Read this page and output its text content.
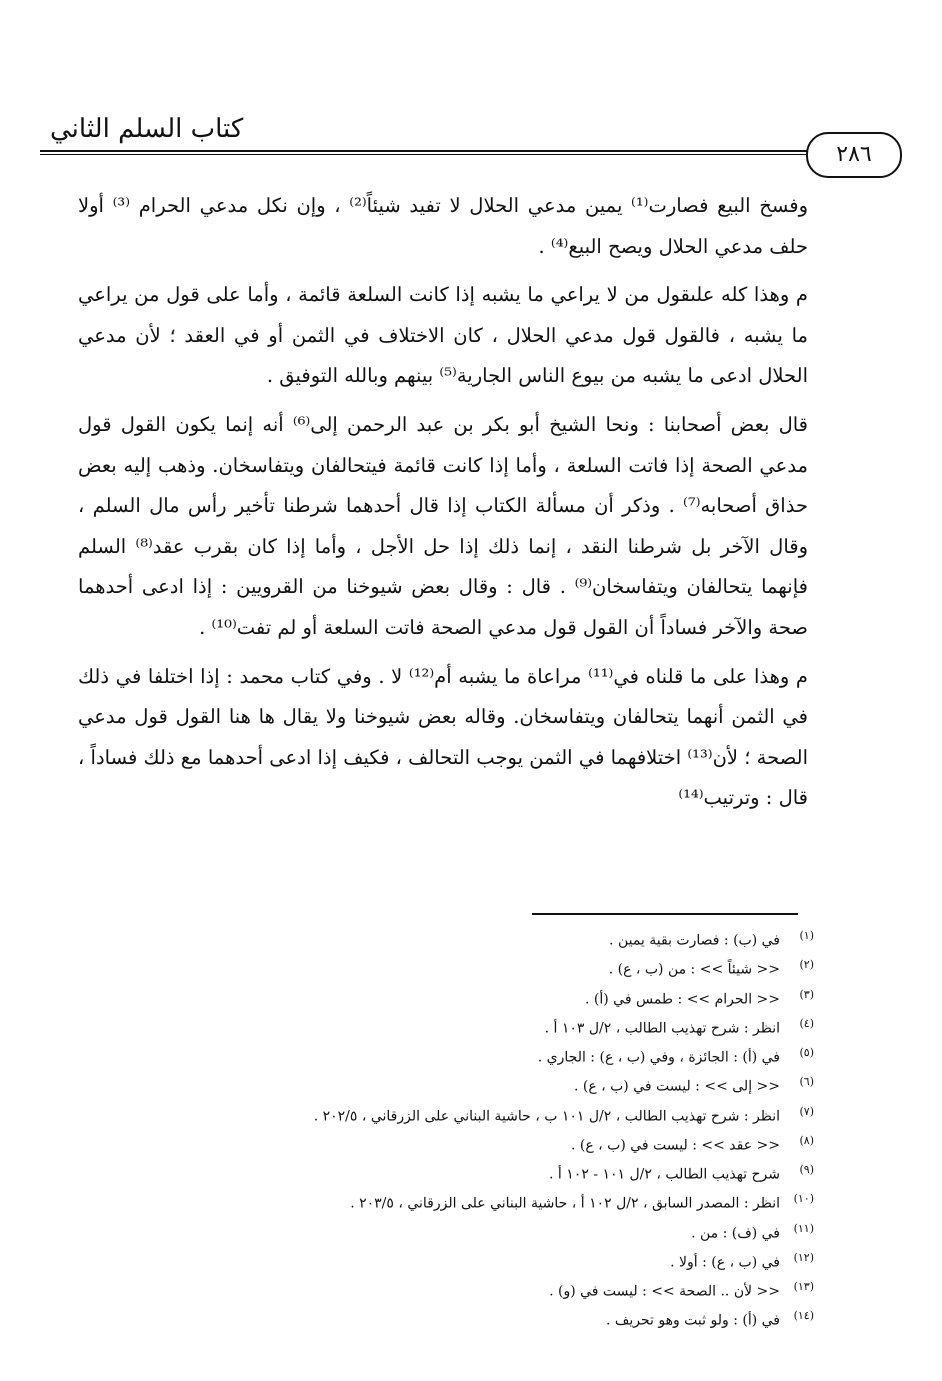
كتاب السلم الثاني
٢٨٦

وفسخ البيع فصارت⁽¹⁾ يمين مدعي الحلال لا تفيد شيئاً⁽²⁾ ، وإن نكل مدعي الحرام ⁽³⁾ أولا حلف مدعي الحلال ويصح البيع⁽⁴⁾ .

م وهذا كله علىقول من لا يراعي ما يشبه إذا كانت السلعة قائمة ، وأما على قول من يراعي ما يشبه ، فالقول قول مدعي الحلال ، كان الاختلاف في الثمن أو في العقد ؛ لأن مدعي الحلال ادعى ما يشبه من بيوع الناس الجارية⁽⁵⁾ بينهم وبالله التوفيق .

قال بعض أصحابنا : ونحا الشيخ أبو بكر بن عبد الرحمن إلى⁽⁶⁾ أنه إنما يكون القول قول مدعي الصحة إذا فاتت السلعة ، وأما إذا كانت قائمة فيتحالفان ويتفاسخان. وذهب إليه بعض حذاق أصحابه⁽⁷⁾ . وذكر أن مسألة الكتاب إذا قال أحدهما شرطنا تأخير رأس مال السلم ، وقال الآخر بل شرطنا النقد ، إنما ذلك إذا حل الأجل ، وأما إذا كان بقرب عقد⁽⁸⁾ السلم فإنهما يتحالفان ويتفاسخان⁽⁹⁾ . قال : وقال بعض شيوخنا من القرويين : إذا ادعى أحدهما صحة والآخر فساداً أن القول قول مدعي الصحة فاتت السلعة أو لم تفت⁽¹⁰⁾ .

م وهذا على ما قلناه في⁽¹¹⁾ مراعاة ما يشبه أم⁽¹²⁾ لا . وفي كتاب محمد : إذا اختلفا في ذلك في الثمن أنهما يتحالفان ويتفاسخان. وقاله بعض شيوخنا ولا يقال ها هنا القول قول مدعي الصحة ؛ لأن⁽¹³⁾ اختلافهما في الثمن يوجب التحالف ، فكيف إذا ادعى أحدهما مع ذلك فساداً ، قال : وترتيب⁽¹⁴⁾

(١)في (ب) : فصارت بقية يمين .
(٢)<< شيئاً >> : من (ب ، ع) .
(٣)<< الحرام >> : طمس في (أ) .
(٤)انظر : شرح تهذيب الطالب ، ٢/ل ١٠٣ أ .
(٥)في (أ) : الجائزة ، وفي (ب ، ع) : الجاري .
(٦)<< إلى >> : ليست في (ب ، ع) .
(٧)انظر : شرح تهذيب الطالب ، ٢/ل ١٠١ ب ، حاشية البناني على الزرقاني ، ٢٠٢/٥ .
(٨)<< عقد >> : ليست في (ب ، ع) .
(٩)شرح تهذيب الطالب ، ٢/ل ١٠١ - ١٠٢ أ .
(١٠)انظر : المصدر السابق ، ٢/ل ١٠٢ أ ، حاشية البناني على الزرقاني ، ٢٠٣/٥ .
(١١)في (ف) : من .
(١٢)في (ب ، ع) : أولا .
(١٣)<< لأن .. الصحة >> : ليست في (و) .
(١٤)في (أ) : ولو ثبت وهو تحريف .
